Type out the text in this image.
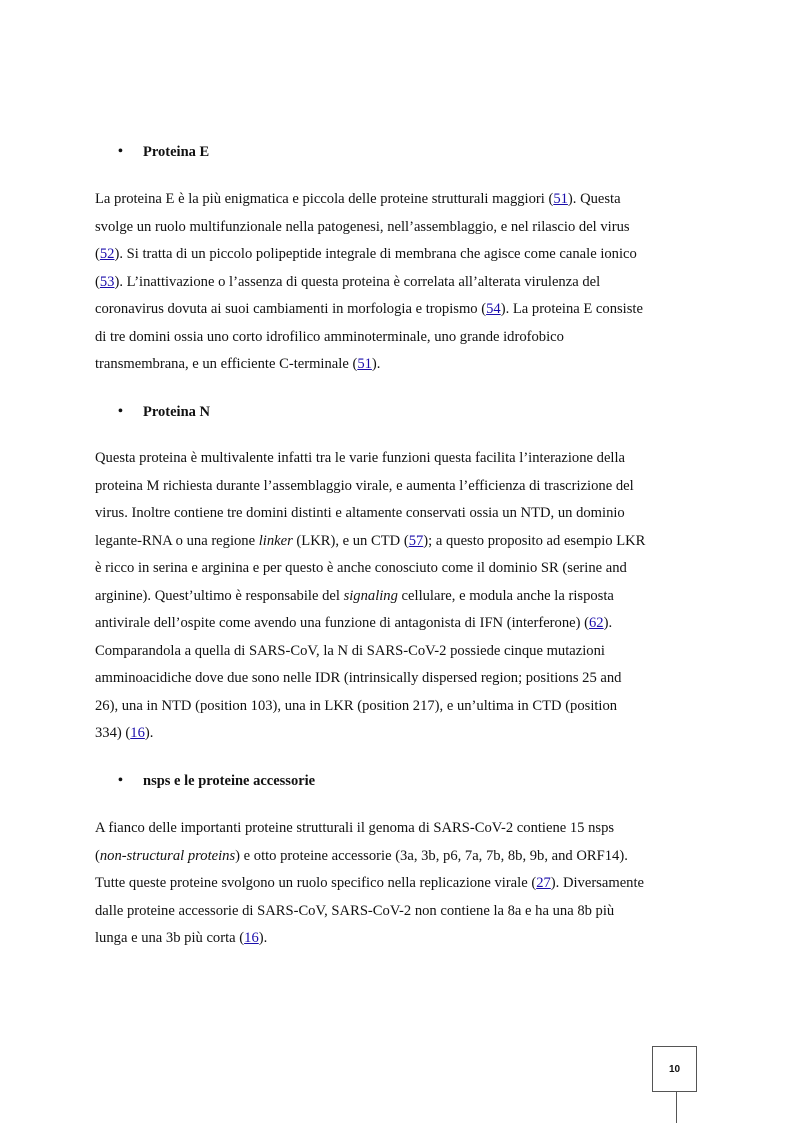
• Proteina E
La proteina E è la più enigmatica e piccola delle proteine strutturali maggiori (51). Questa
svolge un ruolo multifunzionale nella patogenesi, nell’assemblaggio, e nel rilascio del virus
(52). Si tratta di un piccolo polipeptide integrale di membrana che agisce come canale ionico
(53). L’inattivazione o l’assenza di questa proteina è correlata all’alterata virulenza del
coronavirus dovuta ai suoi cambiamenti in morfologia e tropismo (54). La proteina E consiste
di tre domini ossia uno corto idrofilico amminoterminale, uno grande idrofobico
transmembrana, e un efficiente C-terminale (51).
• Proteina N
Questa proteina è multivalente infatti tra le varie funzioni questa facilita l’interazione della
proteina M richiesta durante l’assemblaggio virale, e aumenta l’efficienza di trascrizione del
virus. Inoltre contiene tre domini distinti e altamente conservati ossia un NTD, un dominio
legante-RNA o una regione linker (LKR), e un CTD (57); a questo proposito ad esempio LKR
è ricco in serina e arginina e per questo è anche conosciuto come il dominio SR (serine and
arginine). Quest’ultimo è responsabile del signaling cellulare, e modula anche la risposta
antivirale dell’ospite come avendo una funzione di antagonista di IFN (interferone) (62).
Comparandola a quella di SARS-CoV, la N di SARS-CoV-2 possiede cinque mutazioni
amminoacidiche dove due sono nelle IDR (intrinsically dispersed region; positions 25 and
26), una in NTD (position 103), una in LKR (position 217), e un’ultima in CTD (position
334) (16).
• nsps e le proteine accessorie
A fianco delle importanti proteine strutturali il genoma di SARS-CoV-2 contiene 15 nsps
(non-structural proteins) e otto proteine accessorie (3a, 3b, p6, 7a, 7b, 8b, 9b, and ORF14).
Tutte queste proteine svolgono un ruolo specifico nella replicazione virale (27). Diversamente
dalle proteine accessorie di SARS-CoV, SARS-CoV-2 non contiene la 8a e ha una 8b più
lunga e una 3b più corta (16).
10
